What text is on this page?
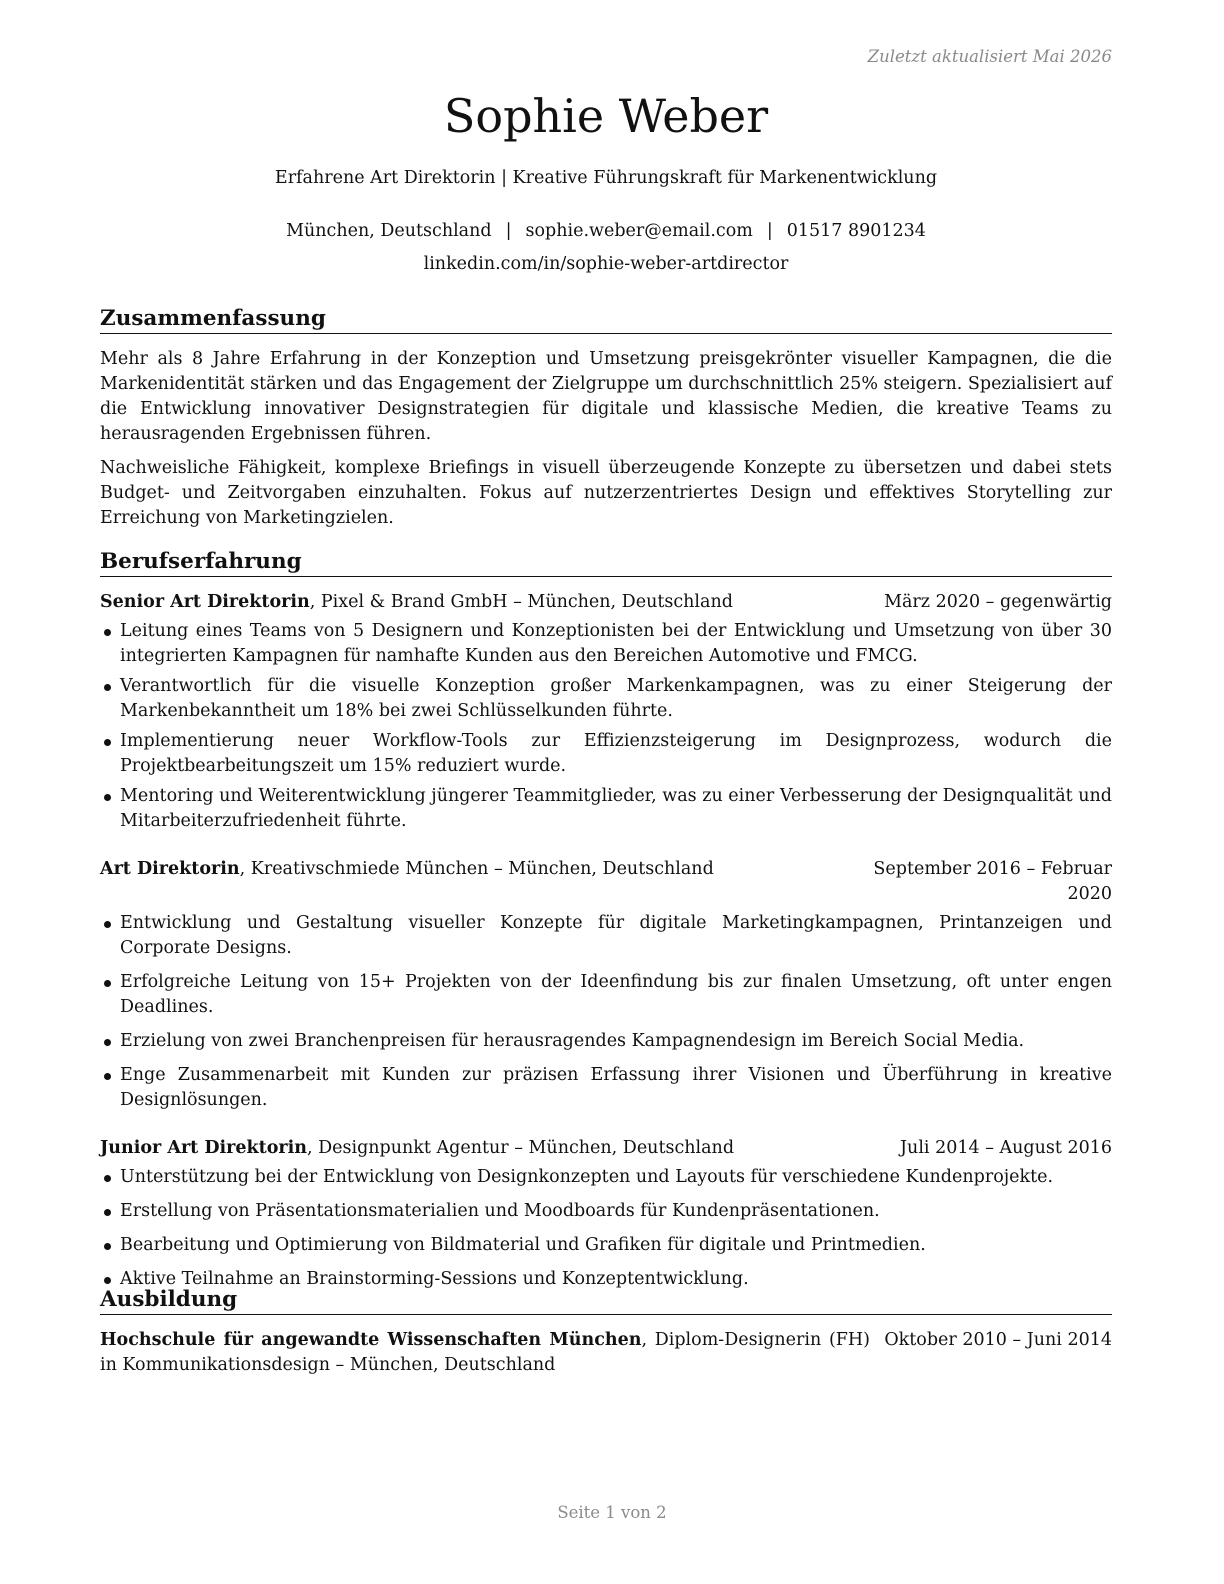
Zuletzt aktualisiert Mai 2026
Sophie Weber
Erfahrene Art Direktorin | Kreative Führungskraft für Markenentwicklung
München, Deutschland | sophie.weber@email.com | 01517 8901234
linkedin.com/in/sophie-weber-artdirector
Zusammenfassung

Mehr als 8 Jahre Erfahrung in der Konzeption und Umsetzung preisgekrönter visueller Kampagnen, die die Markenidentität stärken und das Engagement der Zielgruppe um durchschnittlich 25% steigern. Spezialisiert auf die Entwicklung innovativer Designstrategien für digitale und klassische Medien, die kreative Teams zu herausragenden Ergebnissen führen.

Nachweisliche Fähigkeit, komplexe Briefings in visuell überzeugende Konzepte zu übersetzen und dabei stets Budget- und Zeitvorgaben einzuhalten. Fokus auf nutzerzentriertes Design und effektives Storytelling zur Erreichung von Marketingzielen.

Berufserfahrung
Senior Art Direktorin, Pixel & Brand GmbH – München, Deutschland	März 2020 – gegenwärtig
Leitung eines Teams von 5 Designern und Konzeptionisten bei der Entwicklung und Umsetzung von über 30 integrierten Kampagnen für namhafte Kunden aus den Bereichen Automotive und FMCG.
Verantwortlich für die visuelle Konzeption großer Markenkampagnen, was zu einer Steigerung der Markenbekanntheit um 18% bei zwei Schlüsselkunden führte.
Implementierung neuer Workflow-Tools zur Effizienzsteigerung im Designprozess, wodurch die Projektbearbeitungszeit um 15% reduziert wurde.
Mentoring und Weiterentwicklung jüngerer Teammitglieder, was zu einer Verbesserung der Designqualität und Mitarbeiterzufriedenheit führte.
Art Direktorin, Kreativschmiede München – München, Deutschland	September 2016 – Februar 2020
Entwicklung und Gestaltung visueller Konzepte für digitale Marketingkampagnen, Printanzeigen und Corporate Designs.
Erfolgreiche Leitung von 15+ Projekten von der Ideenfindung bis zur finalen Umsetzung, oft unter engen Deadlines.
Erzielung von zwei Branchenpreisen für herausragendes Kampagnendesign im Bereich Social Media.
Enge Zusammenarbeit mit Kunden zur präzisen Erfassung ihrer Visionen und Überführung in kreative Designlösungen.
Junior Art Direktorin, Designpunkt Agentur – München, Deutschland	Juli 2014 – August 2016
Unterstützung bei der Entwicklung von Designkonzepten und Layouts für verschiedene Kundenprojekte.
Erstellung von Präsentationsmaterialien und Moodboards für Kundenpräsentationen.
Bearbeitung und Optimierung von Bildmaterial und Grafiken für digitale und Printmedien.
Aktive Teilnahme an Brainstorming-Sessions und Konzeptentwicklung.
Ausbildung
Hochschule für angewandte Wissenschaften München, Diplom-Designerin (FH) in Kommunikationsdesign – München, Deutschland
Oktober 2010 – Juni 2014
Seite 1 von 2
